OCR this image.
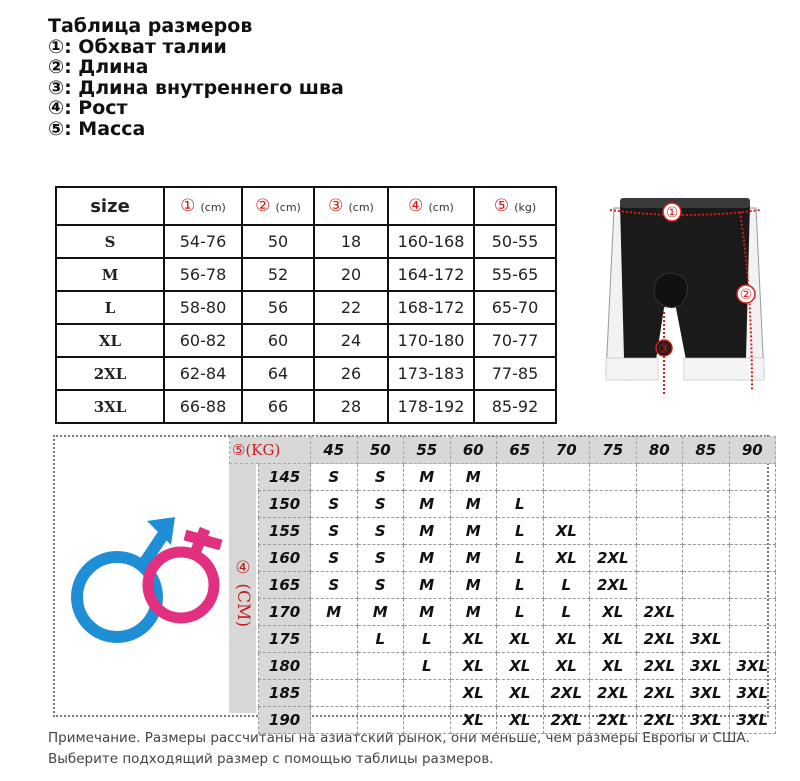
Таблица размеров
①: Обхват талии
②: Длина
③: Длина внутреннего шва
④: Рост
⑤: Масса
size	① (cm)	② (cm)	③ (cm)	④ (cm)	⑤ (kg)
S	54-76	50	18	160-168	50-55
M	56-78	52	20	164-172	55-65
L	58-80	56	22	168-172	65-70
XL	60-82	60	24	170-180	70-77
2XL	62-84	64	26	173-183	77-85
3XL	66-88	66	28	178-192	85-92
①
②
③
④ (CM)
⑤(KG)		45	50	55	60	65	70	75	80	85	90
	145	S	S	M	M						
	150	S	S	M	M	L					
	155	S	S	M	M	L	XL				
	160	S	S	M	M	L	XL	2XL			
	165	S	S	M	M	L	L	2XL			
	170	M	M	M	M	L	L	XL	2XL		
	175		L	L	XL	XL	XL	XL	2XL	3XL	
	180			L	XL	XL	XL	XL	2XL	3XL	3XL
	185				XL	XL	2XL	2XL	2XL	3XL	3XL
	190				XL	XL	2XL	2XL	2XL	3XL	3XL
Примечание. Размеры рассчитаны на азиатский рынок, они меньше, чем размеры Европы и США.
Выберите подходящий размер с помощью таблицы размеров.
